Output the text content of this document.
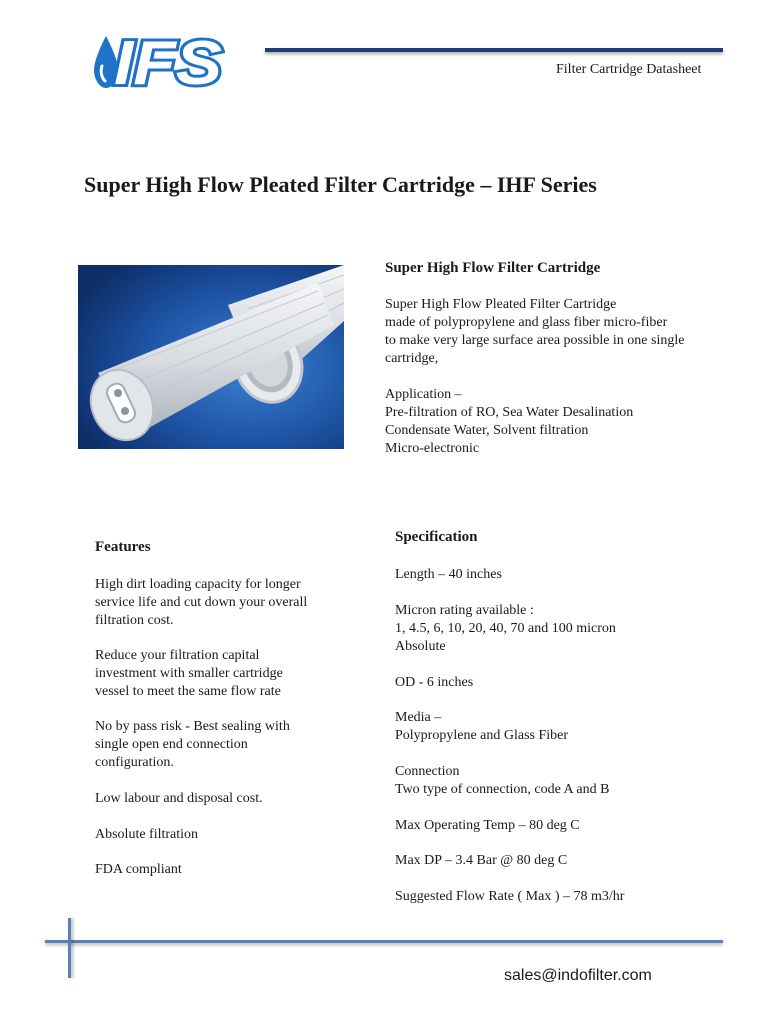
IFS	Filter Cartridge Datasheet
Super High Flow Pleated Filter Cartridge – IHF Series
Super High Flow Filter Cartridge

Super High Flow Pleated Filter Cartridge
made of polypropylene and glass fiber micro-fiber
to make very large surface area possible in one single
cartridge,

Application –
Pre-filtration of RO, Sea Water Desalination
Condensate Water, Solvent filtration
Micro-electronic

Features

High dirt loading capacity for longer
service life and cut down your overall
filtration cost.

Reduce your filtration capital
investment with smaller cartridge
vessel to meet the same flow rate

No by pass risk - Best sealing with
single open end connection
configuration.

Low labour and disposal cost.

Absolute filtration

FDA compliant

Specification

Length – 40 inches

Micron rating available :
1, 4.5, 6, 10, 20, 40, 70 and 100 micron
Absolute

OD - 6 inches

Media –
Polypropylene and Glass Fiber

Connection
Two type of connection, code A and B

Max Operating Temp – 80 deg C

Max DP – 3.4 Bar @ 80 deg C

Suggested Flow Rate ( Max ) – 78 m3/hr

sales@indofilter.com
